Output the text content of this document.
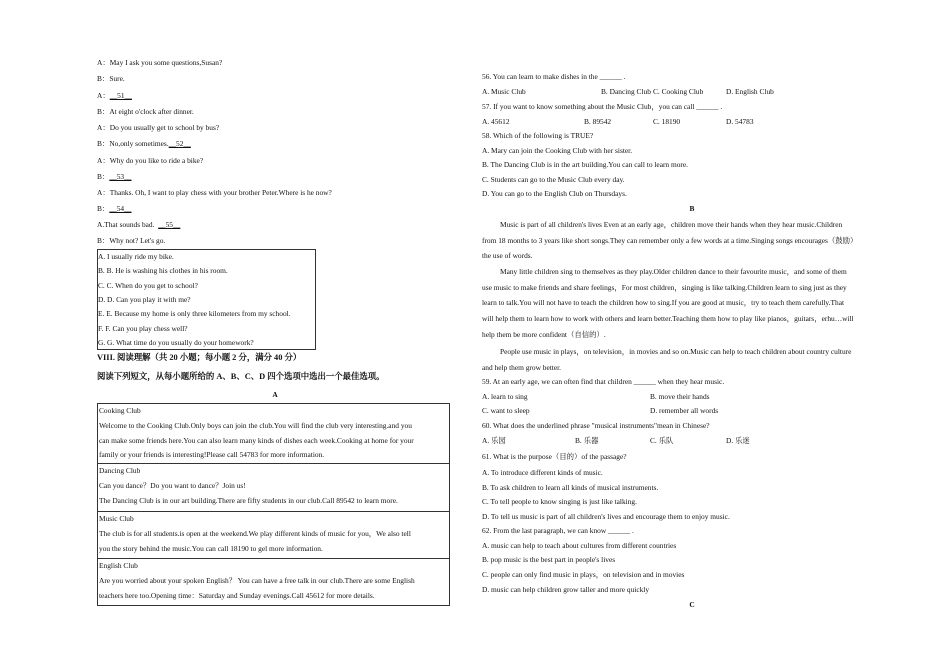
A：May I ask you some questions,Susan?
B：Sure.
A：__51__
B：At eight o'clock after dinner.
A：Do you usually get to school by bus?
B：No,only sometimes.__52__
A：Why do you like to ride a bike?
B：__53__
A：Thanks. Oh, I want to play chess with your brother Peter.Where is he now?
B：__54__
A.That sounds bad. __55__
B：Why not? Let's go.
A. I usually ride my bike.
B. B. He is washing his clothes in his room.
C. C. When do you get to school?
D. D. Can you play it with me?
E. E. Because my home is only three kilometers from my school.
F. F. Can you play chess well?
G. G. What time do you usually do your homework?
VIII. 阅读理解（共 20 小题；每小题 2 分，满分 40 分）
阅读下列短文，从每小题所给的 A、B、C、D 四个选项中选出一个最佳选项。
A
Cooking Club
Welcome to the Cooking Club.Only boys can join the club.You will find the club very interesting.and you
can make some friends here.You can also learn many kinds of dishes each week.Cooking at home for your
family or your friends is interesting!Please call 54783 for more information.
Dancing Club
Can you dance？Do you want to dance？Join us!
The Dancing Club is in our art building.There are fifty students in our club.Call 89542 to learn more.
Music Club
The club is for all students.is open at the weekend.We play different kinds of music for you，We also tell
you the story behind the music.You can call 18190 to gel more information.
English Club
Are you worried about your spoken English？ You can have a free talk in our club.There are some English
teachers here too.Opening time：Saturday and Sunday evenings.Call 45612 for more details.
56. You can learn to make dishes in the ______ .
A. Music Club	B. Dancing Club C. Cooking Club	D. English Club
57. If you want to know something about the Music Club，you can call ______ .
A. 45612	B. 89542	C. 18190	D. 54783
58. Which of the following is TRUE?
A. Mary can join the Cooking Club with her sister.
B. The Dancing Club is in the art building.You can call to learn more.
C. Students can go to the Music Club every day.
D. You can go to the English Club on Thursdays.
B
Music is part of all children's lives Even at an early age，children move their hands when they hear music.Children
from 18 months to 3 years like short songs.They can remember only a few words at a time.Singing songs encourages（鼓励）
the use of words.
Many little children sing to themselves as they play.Older children dance to their favourite music，and some of them
use music to make friends and share feelings，For most children，singing is like talking.Children learn to sing just as they
learn to talk.You will not have to teach the children how to sing.If you are good at music，try to teach them carefully.That
will help them to learn how to work with others and learn better.Teaching them how to play like pianos，guitars，erhu…will
help them be more confident（自信的）.
People use music in plays，on television，in movies and so on.Music can help to teach children about country culture
and help them grow better.
59. At an early age, we can often find that children ______ when they hear music.
A. learn to sing	B. move their hands
C. want to sleep	D. remember all words
60. What does the underlined phrase "musical instruments"mean in Chinese?
A. 乐园	B. 乐器	C. 乐队	D. 乐迷
61. What is the purpose（目的）of the passage?
A. To introduce different kinds of music.
B. To ask children to learn all kinds of musical instruments.
C. To tell people to know singing is just like talking.
D. To tell us music is part of all children's lives and encourage them to enjoy music.
62. From the last paragraph, we can know ______ .
A. music can help to teach about cultures from different countries
B. pop music is the best part in people's lives
C. people can only find music in plays，on television and in movies
D. music can help children grow taller and more quickly
C
